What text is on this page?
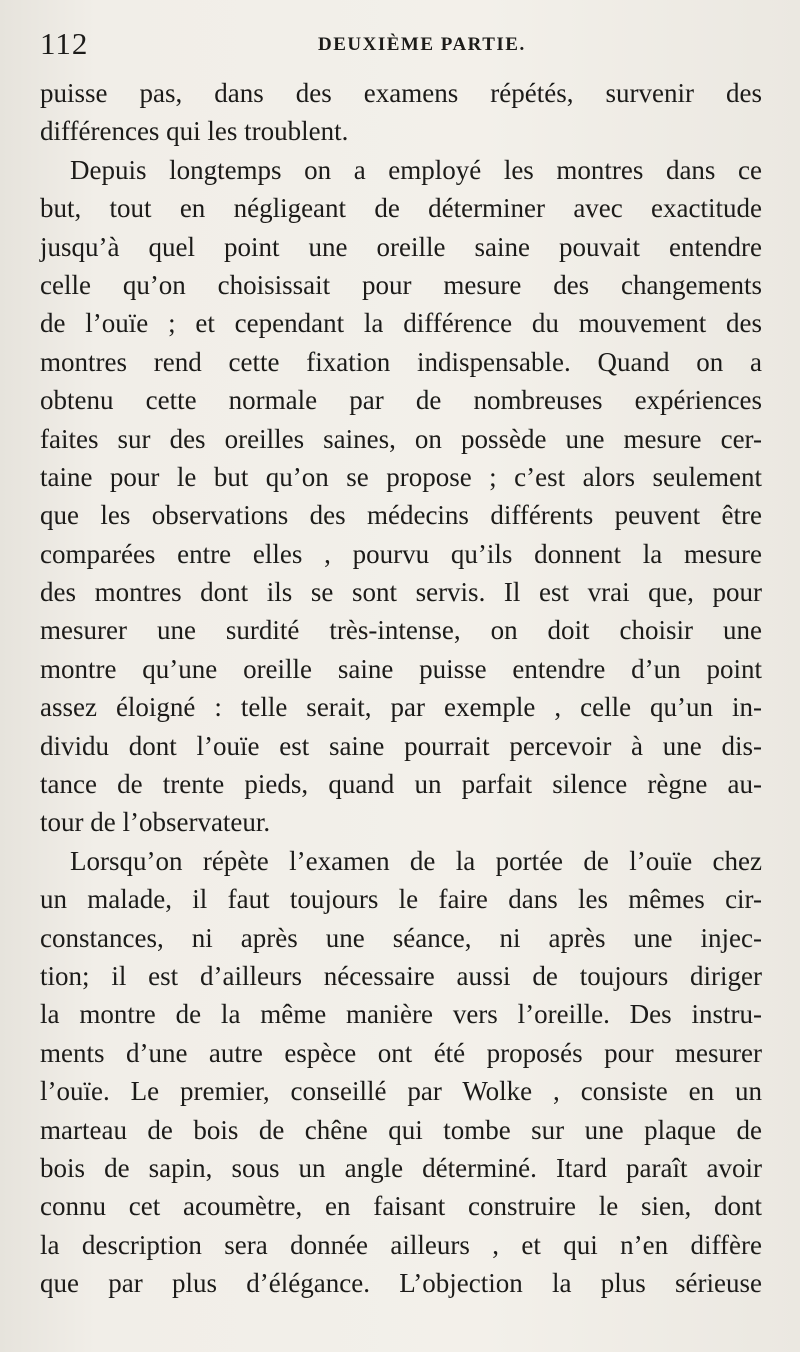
112	DEUXIÈME PARTIE.
puisse pas, dans des examens répétés, survenir des
différences qui les troublent.
Depuis longtemps on a employé les montres dans ce
but, tout en négligeant de déterminer avec exactitude
jusqu’à quel point une oreille saine pouvait entendre
celle qu’on choisissait pour mesure des changements
de l’ouïe ; et cependant la différence du mouvement des
montres rend cette fixation indispensable. Quand on a
obtenu cette normale par de nombreuses expériences
faites sur des oreilles saines, on possède une mesure cer-
taine pour le but qu’on se propose ; c’est alors seulement
que les observations des médecins différents peuvent être
comparées entre elles , pourvu qu’ils donnent la mesure
des montres dont ils se sont servis. Il est vrai que, pour
mesurer une surdité très-intense, on doit choisir une
montre qu’une oreille saine puisse entendre d’un point
assez éloigné : telle serait, par exemple , celle qu’un in-
dividu dont l’ouïe est saine pourrait percevoir à une dis-
tance de trente pieds, quand un parfait silence règne au-
tour de l’observateur.
Lorsqu’on répète l’examen de la portée de l’ouïe chez
un malade, il faut toujours le faire dans les mêmes cir-
constances, ni après une séance, ni après une injec-
tion; il est d’ailleurs nécessaire aussi de toujours diriger
la montre de la même manière vers l’oreille. Des instru-
ments d’une autre espèce ont été proposés pour mesurer
l’ouïe. Le premier, conseillé par Wolke , consiste en un
marteau de bois de chêne qui tombe sur une plaque de
bois de sapin, sous un angle déterminé. Itard paraît avoir
connu cet acoumètre, en faisant construire le sien, dont
la description sera donnée ailleurs , et qui n’en diffère
que par plus d’élégance. L’objection la plus sérieuse
